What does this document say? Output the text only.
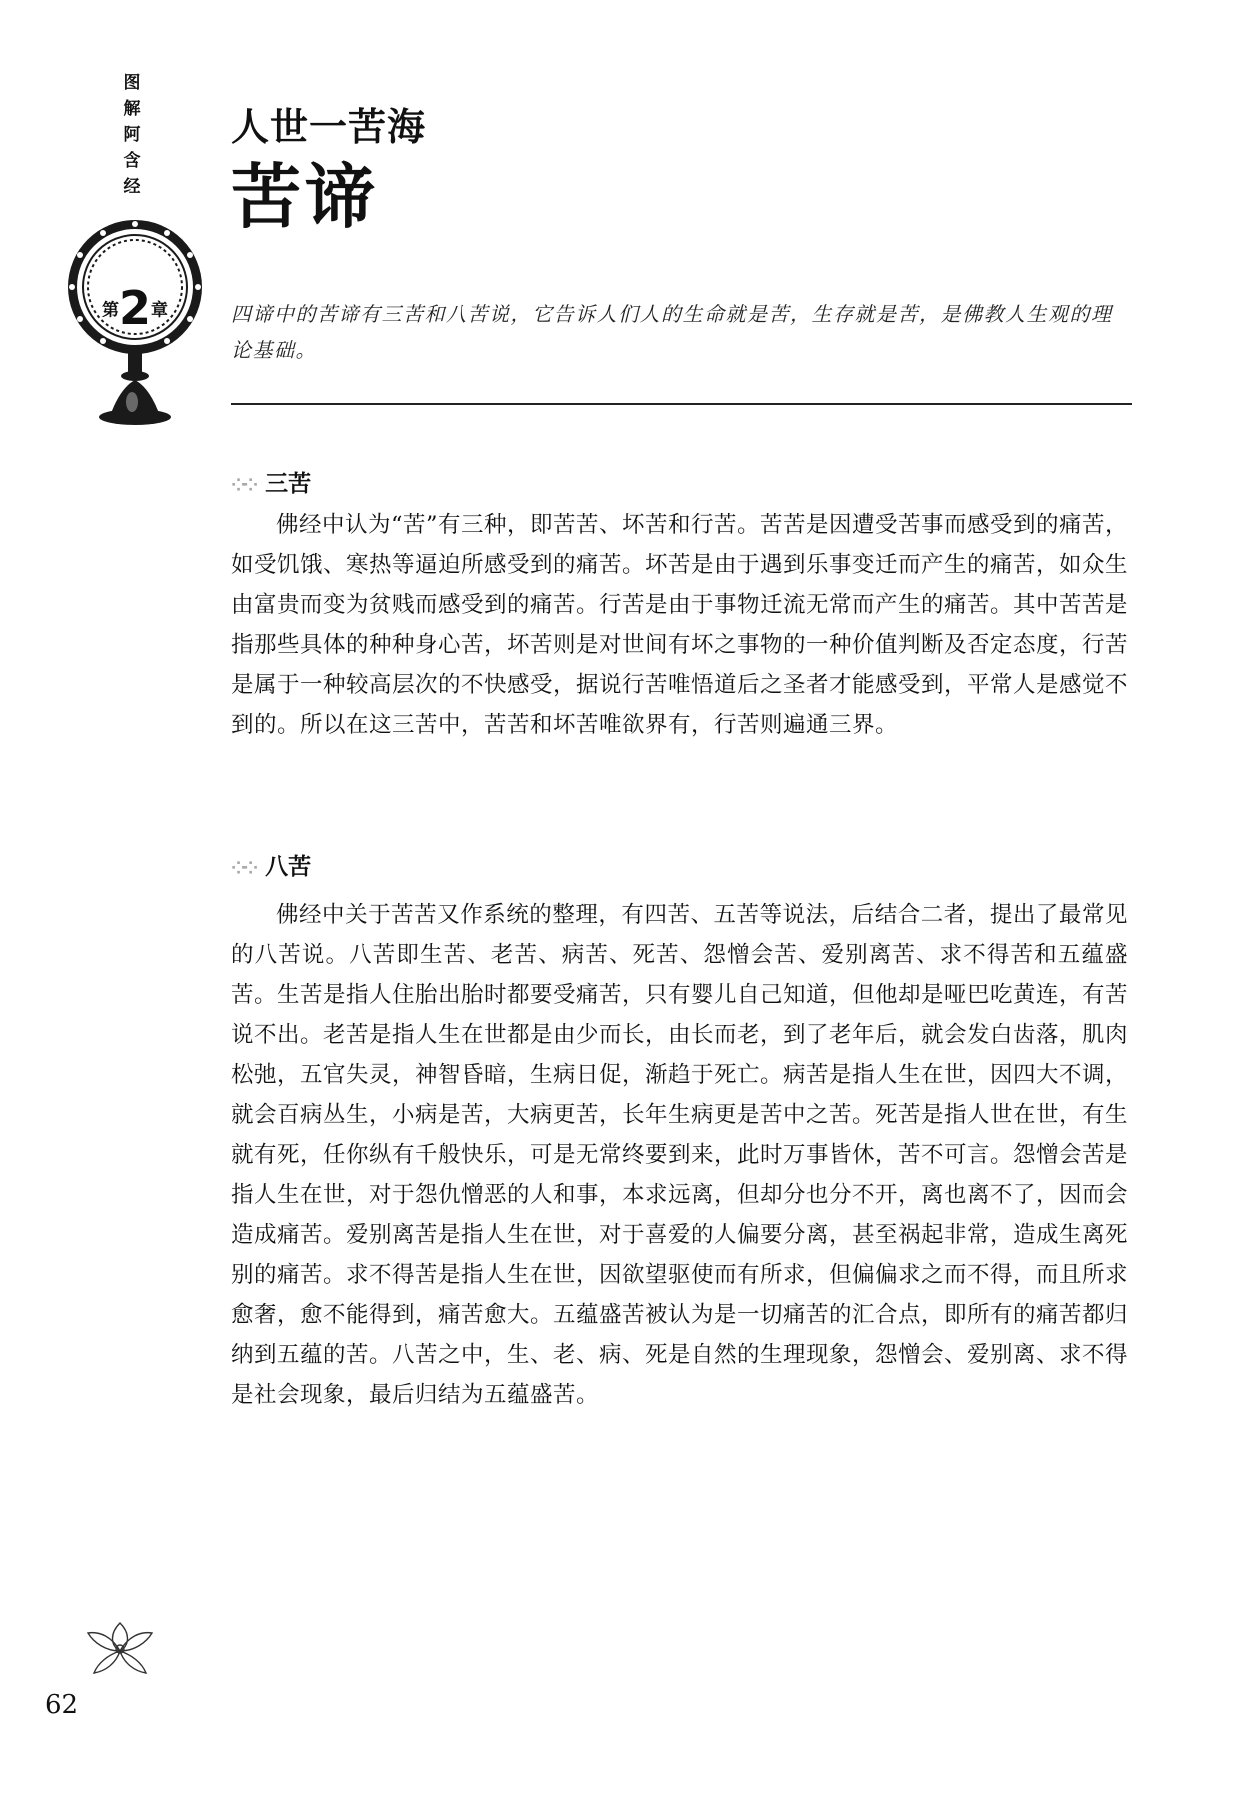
图
解
阿
含
经
第2章
人世一苦海
苦谛
四谛中的苦谛有三苦和八苦说，它告诉人们人的生命就是苦，生存就是苦，是佛教人生观的理论基础。
⁘⁘ 三苦
佛经中认为“苦”有三种，即苦苦、坏苦和行苦。苦苦是因遭受苦事而感受到的痛苦，如受饥饿、寒热等逼迫所感受到的痛苦。坏苦是由于遇到乐事变迁而产生的痛苦，如众生由富贵而变为贫贱而感受到的痛苦。行苦是由于事物迁流无常而产生的痛苦。其中苦苦是指那些具体的种种身心苦，坏苦则是对世间有坏之事物的一种价值判断及否定态度，行苦是属于一种较高层次的不快感受，据说行苦唯悟道后之圣者才能感受到，平常人是感觉不到的。所以在这三苦中，苦苦和坏苦唯欲界有，行苦则遍通三界。
⁘⁘ 八苦
佛经中关于苦苦又作系统的整理，有四苦、五苦等说法，后结合二者，提出了最常见的八苦说。八苦即生苦、老苦、病苦、死苦、怨憎会苦、爱别离苦、求不得苦和五蕴盛苦。生苦是指人住胎出胎时都要受痛苦，只有婴儿自己知道，但他却是哑巴吃黄连，有苦说不出。老苦是指人生在世都是由少而长，由长而老，到了老年后，就会发白齿落，肌肉松弛，五官失灵，神智昏暗，生病日促，渐趋于死亡。病苦是指人生在世，因四大不调，就会百病丛生，小病是苦，大病更苦，长年生病更是苦中之苦。死苦是指人世在世，有生就有死，任你纵有千般快乐，可是无常终要到来，此时万事皆休，苦不可言。怨憎会苦是指人生在世，对于怨仇憎恶的人和事，本求远离，但却分也分不开，离也离不了，因而会造成痛苦。爱别离苦是指人生在世，对于喜爱的人偏要分离，甚至祸起非常，造成生离死别的痛苦。求不得苦是指人生在世，因欲望驱使而有所求，但偏偏求之而不得，而且所求愈奢，愈不能得到，痛苦愈大。五蕴盛苦被认为是一切痛苦的汇合点，即所有的痛苦都归纳到五蕴的苦。八苦之中，生、老、病、死是自然的生理现象，怨憎会、爱别离、求不得是社会现象，最后归结为五蕴盛苦。
62
